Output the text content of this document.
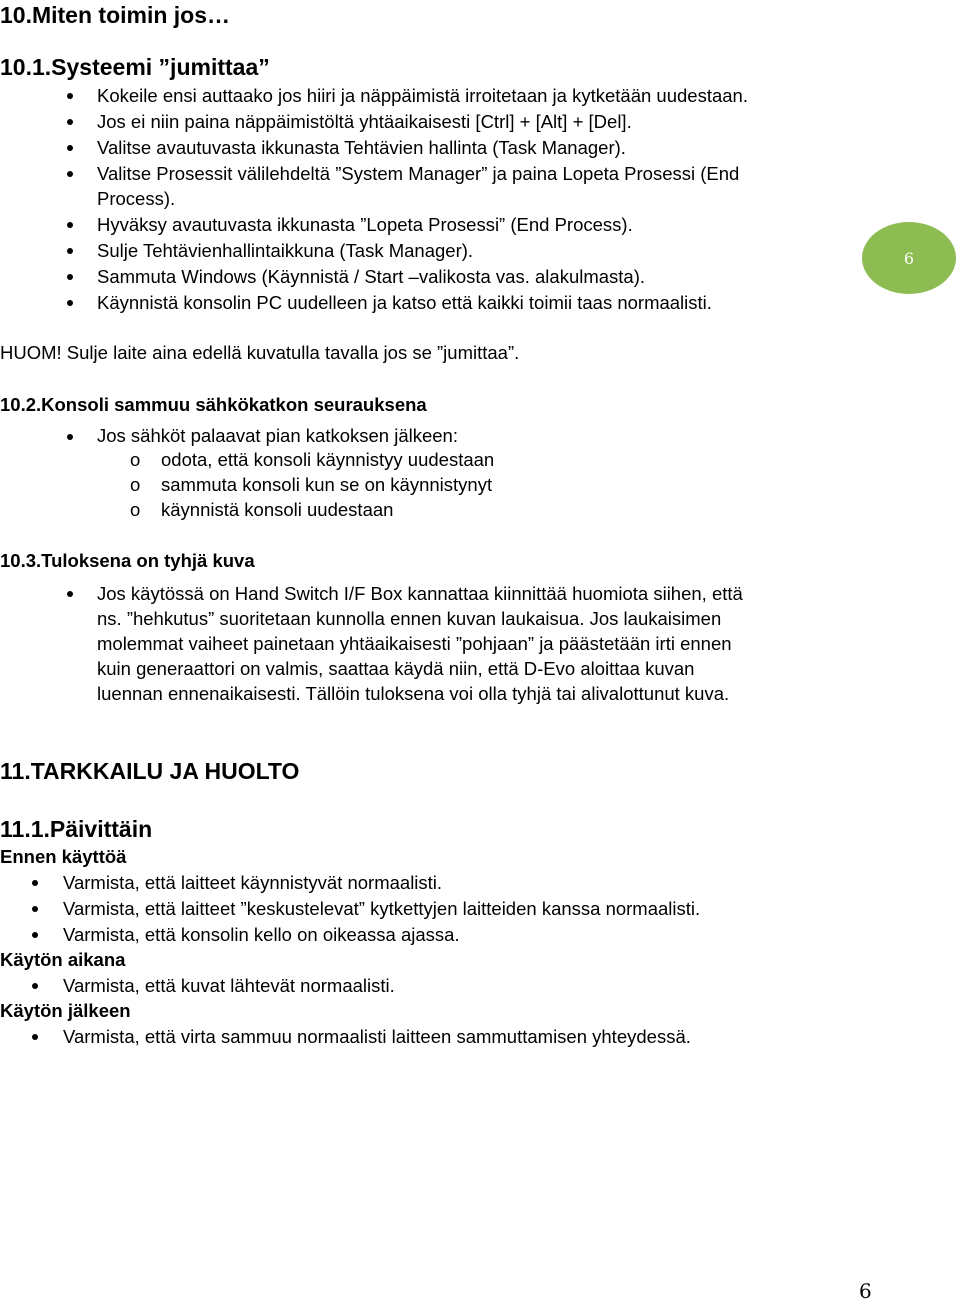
10.Miten toimin jos…
10.1.Systeemi ”jumittaa”
Kokeile ensi auttaako jos hiiri ja näppäimistä irroitetaan ja kytketään uudestaan.
Jos ei niin paina näppäimistöltä yhtäaikaisesti [Ctrl] + [Alt] + [Del].
Valitse avautuvasta ikkunasta Tehtävien hallinta (Task Manager).
Valitse Prosessit välilehdeltä ”System Manager” ja paina Lopeta Prosessi (End
Process).
Hyväksy avautuvasta ikkunasta ”Lopeta Prosessi” (End Process).
Sulje Tehtävienhallintaikkuna (Task Manager).
Sammuta Windows (Käynnistä / Start –valikosta vas. alakulmasta).
Käynnistä konsolin PC uudelleen ja katso että kaikki toimii taas normaalisti.
6
HUOM! Sulje laite aina edellä kuvatulla tavalla jos se ”jumittaa”.
10.2.Konsoli sammuu sähkökatkon seurauksena
Jos sähköt palaavat pian katkoksen jälkeen:
o odota, että konsoli käynnistyy uudestaan
o sammuta konsoli kun se on käynnistynyt
o käynnistä konsoli uudestaan
10.3.Tuloksena on tyhjä kuva
Jos käytössä on Hand Switch I/F Box kannattaa kiinnittää huomiota siihen, että
ns. ”hehkutus” suoritetaan kunnolla ennen kuvan laukaisua. Jos laukaisimen
molemmat vaiheet painetaan yhtäaikaisesti ”pohjaan” ja päästetään irti ennen
kuin generaattori on valmis, saattaa käydä niin, että D-Evo aloittaa kuvan
luennan ennenaikaisesti. Tällöin tuloksena voi olla tyhjä tai alivalottunut kuva.
11.TARKKAILU JA HUOLTO
11.1.Päivittäin
Ennen käyttöä
Varmista, että laitteet käynnistyvät normaalisti.
Varmista, että laitteet ”keskustelevat” kytkettyjen laitteiden kanssa normaalisti.
Varmista, että konsolin kello on oikeassa ajassa.
Käytön aikana
Varmista, että kuvat lähtevät normaalisti.
Käytön jälkeen
Varmista, että virta sammuu normaalisti laitteen sammuttamisen yhteydessä.
6
